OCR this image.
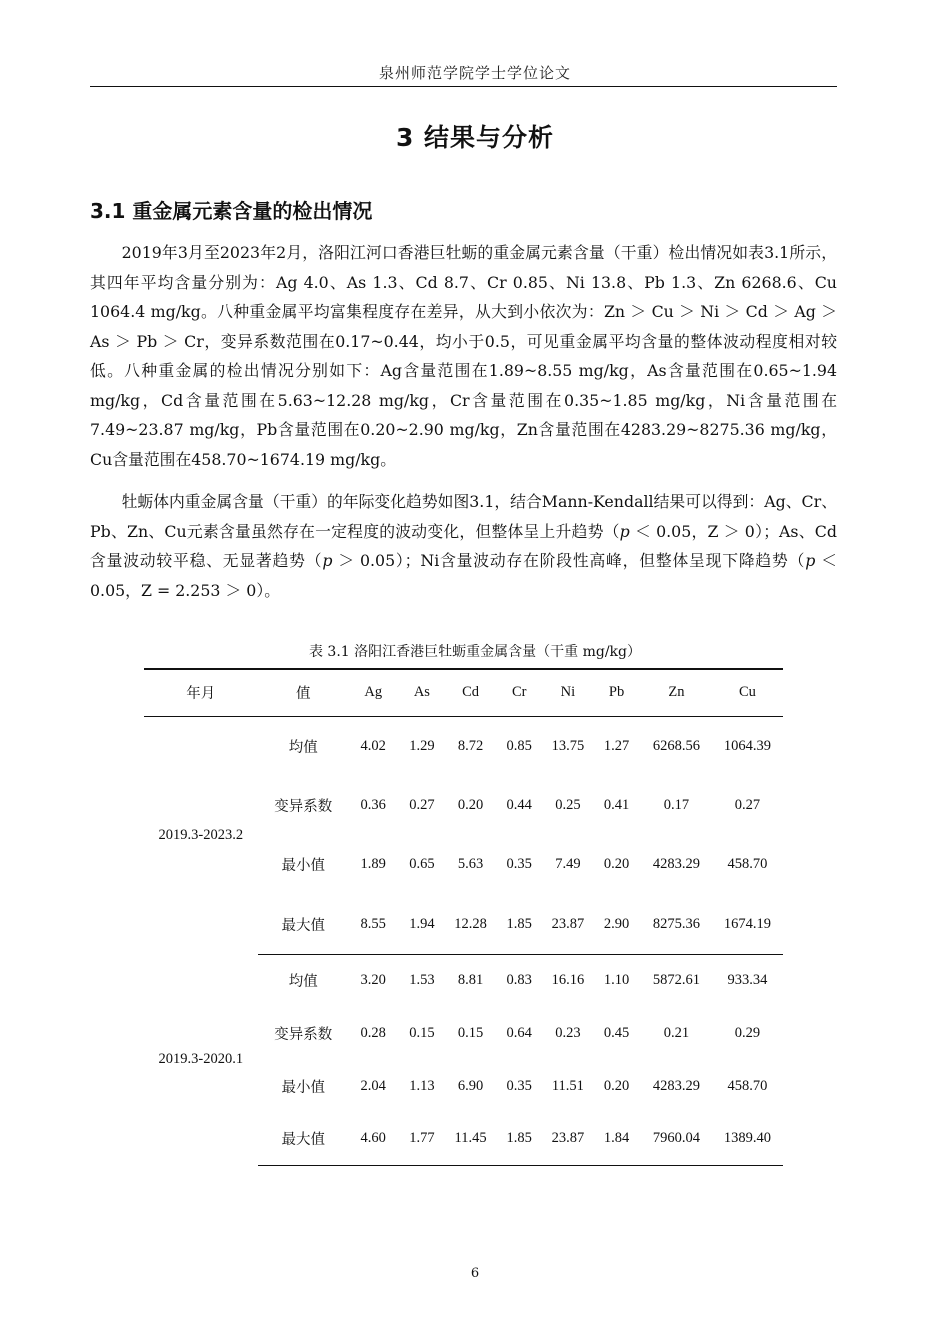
泉州师范学院学士学位论文
3 结果与分析
3.1 重金属元素含量的检出情况

2019年3月至2023年2月，洛阳江河口香港巨牡蛎的重金属元素含量（干重）检出情况如表3.1所示，其四年平均含量分别为：Ag 4.0、As 1.3、Cd 8.7、Cr 0.85、Ni 13.8、Pb 1.3、Zn 6268.6、Cu 1064.4 mg/kg。八种重金属平均富集程度存在差异，从大到小依次为：Zn ＞ Cu ＞ Ni ＞ Cd ＞ Ag ＞ As ＞ Pb ＞ Cr，变异系数范围在0.17~0.44，均小于0.5，可见重金属平均含量的整体波动程度相对较低。八种重金属的检出情况分别如下：Ag含量范围在1.89~8.55 mg/kg，As含量范围在0.65~1.94 mg/kg，Cd含量范围在5.63~12.28 mg/kg，Cr含量范围在0.35~1.85 mg/kg，Ni含量范围在7.49~23.87 mg/kg，Pb含量范围在0.20~2.90 mg/kg，Zn含量范围在4283.29~8275.36 mg/kg，Cu含量范围在458.70~1674.19 mg/kg。

牡蛎体内重金属含量（干重）的年际变化趋势如图3.1，结合Mann-Kendall结果可以得到：Ag、Cr、Pb、Zn、Cu元素含量虽然存在一定程度的波动变化，但整体呈上升趋势（p ＜ 0.05，Z ＞ 0）；As、Cd含量波动较平稳、无显著趋势（p ＞ 0.05）；Ni含量波动存在阶段性高峰，但整体呈现下降趋势（p ＜ 0.05，Z = 2.253 ＞ 0）。

表 3.1 洛阳江香港巨牡蛎重金属含量（干重 mg/kg）
年月	值	Ag	As	Cd	Cr	Ni	Pb	Zn	Cu
2019.3-2023.2	均值	4.02	1.29	8.72	0.85	13.75	1.27	6268.56	1064.39
	变异系数	0.36	0.27	0.20	0.44	0.25	0.41	0.17	0.27
	最小值	1.89	0.65	5.63	0.35	7.49	0.20	4283.29	458.70
	最大值	8.55	1.94	12.28	1.85	23.87	2.90	8275.36	1674.19
2019.3-2020.1	均值	3.20	1.53	8.81	0.83	16.16	1.10	5872.61	933.34
	变异系数	0.28	0.15	0.15	0.64	0.23	0.45	0.21	0.29
	最小值	2.04	1.13	6.90	0.35	11.51	0.20	4283.29	458.70
	最大值	4.60	1.77	11.45	1.85	23.87	1.84	7960.04	1389.40
6
